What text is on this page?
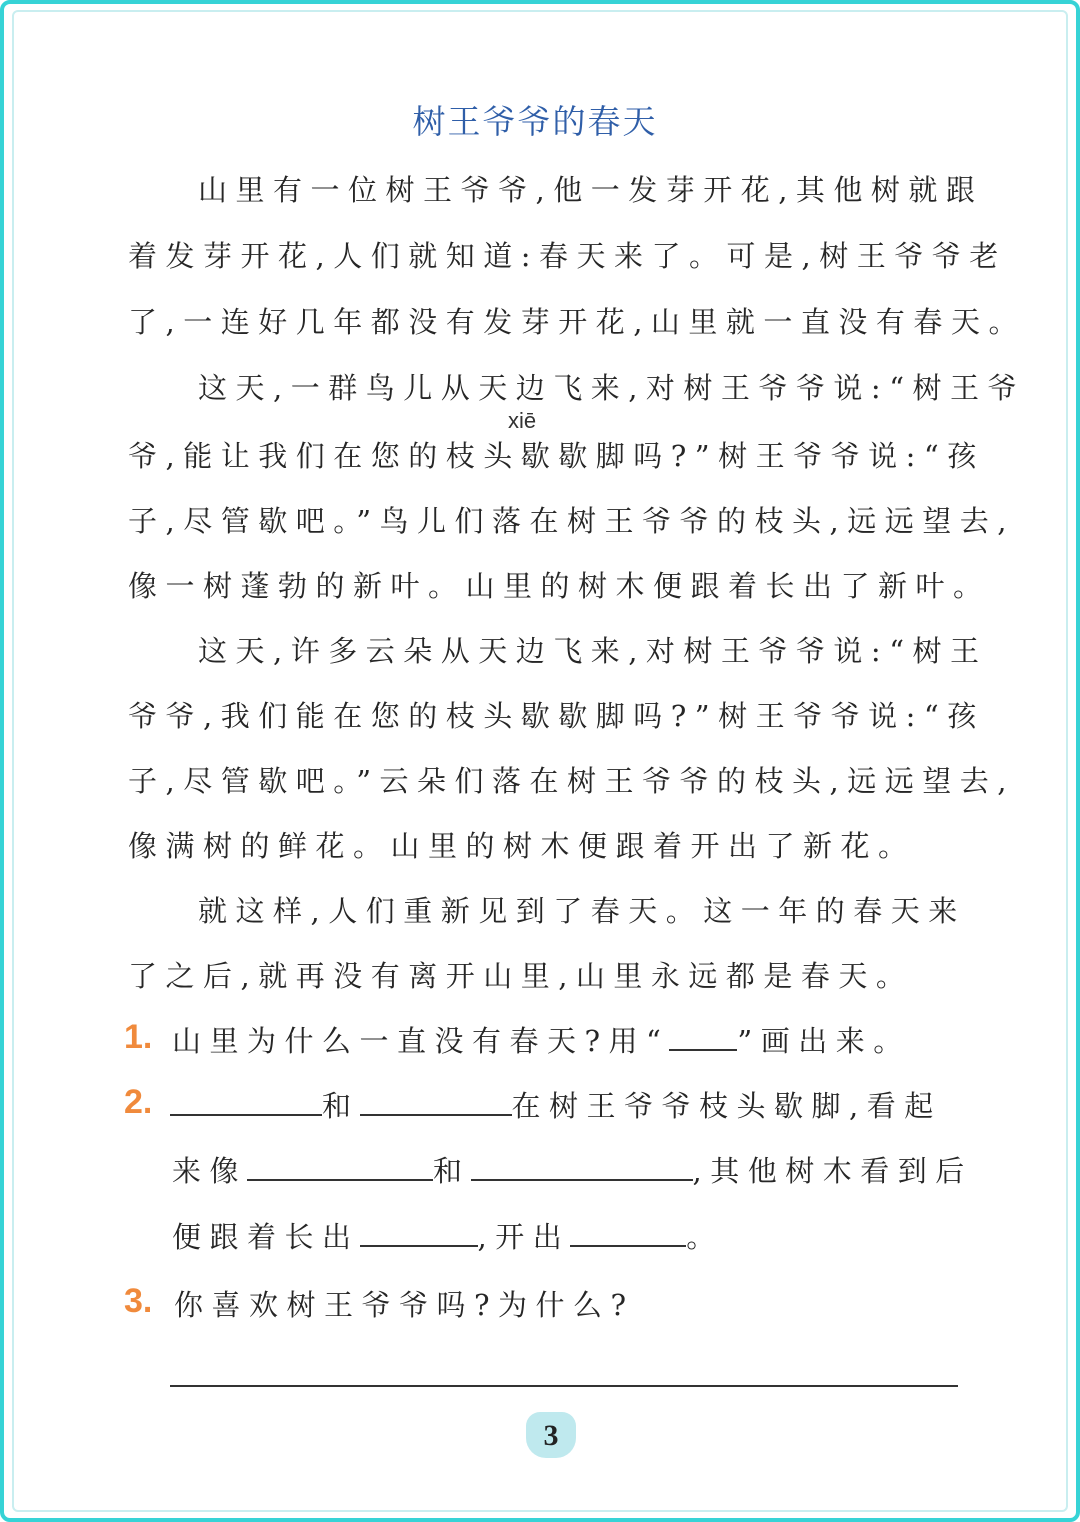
树王爷爷的春天
山里有一位树王爷爷,他一发芽开花,其他树就跟
着发芽开花,人们就知道:春天来了。可是,树王爷爷老
了,一连好几年都没有发芽开花,山里就一直没有春天。
这天,一群鸟儿从天边飞来,对树王爷爷说:“树王爷
xiē
爷,能让我们在您的枝头歇歇脚吗?”树王爷爷说:“孩
子,尽管歇吧。”鸟儿们落在树王爷爷的枝头,远远望去,
像一树蓬勃的新叶。山里的树木便跟着长出了新叶。
这天,许多云朵从天边飞来,对树王爷爷说:“树王
爷爷,我们能在您的枝头歇歇脚吗?”树王爷爷说:“孩
子,尽管歇吧。”云朵们落在树王爷爷的枝头,远远望去,
像满树的鲜花。山里的树木便跟着开出了新花。
就这样,人们重新见到了春天。这一年的春天来
了之后,就再没有离开山里,山里永远都是春天。
1. 山里为什么一直没有春天?用“ ”画出来。
2.	和	在树王爷爷枝头歇脚,看起
来像	和	,其他树木看到后
便跟着长出	,开出	。
3. 你喜欢树王爷爷吗?为什么?
3
